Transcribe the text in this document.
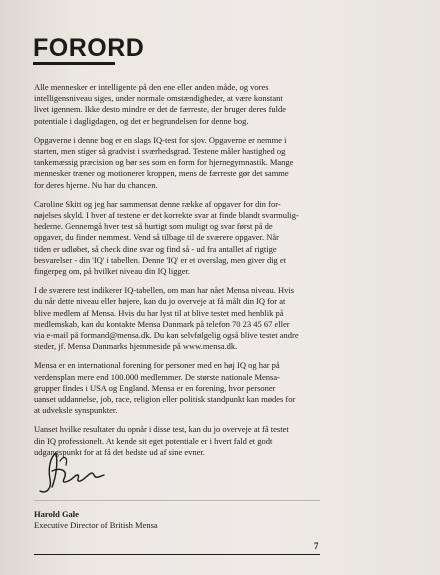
FORORD

Alle mennesker er intelligente på den ene eller anden måde, og vores
intelligensniveau siges, under normale omstændigheder, at være konstant
livet igennem. Ikke desto mindre er det de færreste, der bruger deres fulde
potentiale i dagligdagen, og det er begrundelsen for denne bog.

Opgaverne i denne bog er en slags IQ-test for sjov. Opgaverne er nemme i
starten, men stiger så gradvist i sværhedsgrad. Testene måler hastighed og
tankemæssig præcision og bør ses som en form for hjernegymnastik. Mange
mennesker træner og motionerer kroppen, mens de færreste gør det samme
for deres hjerne. Nu har du chancen.

Caroline Skitt og jeg har sammensat denne række af opgaver for din for-
nøjelses skyld. I hver af testene er det korrekte svar at finde blandt svarmulig-
hederne. Gennemgå hver test så hurtigt som muligt og svar først på de
opgaver, du finder nemmest. Vend så tilbage til de sværere opgaver. Når
tiden er udløbet, så check dine svar og find så - ud fra antallet af rigtige
besvarelser - din 'IQ' i tabellen. Denne 'IQ' er et overslag, men giver dig et
fingerpeg om, på hvilket niveau din IQ ligger.

I de sværere test indikerer IQ-tabellen, om man har nået Mensa niveau. Hvis
du når dette niveau eller højere, kan du jo overveje at få målt din IQ for at
blive medlem af Mensa. Hvis du har lyst til at blive testet med henblik på
medlemskab, kan du kontakte Mensa Danmark på telefon 70 23 45 67 eller
via e-mail på formand@mensa.dk. Du kan selvfølgelig også blive testet andre
steder, jf. Mensa Danmarks hjemmeside på www.mensa.dk.

Mensa er en international forening for personer med en høj IQ og har på
verdensplan mere end 100.000 medlemmer. De største nationale Mensa-
grupper findes i USA og England. Mensa er en forening, hvor personer
uanset uddannelse, job, race, religion eller politisk standpunkt kan mødes for
at udveksle synspunkter.

Uanset hvilke resultater du opnår i disse test, kan du jo overveje at få testet
din IQ professionelt. At kende sit eget potentiale er i hvert fald et godt
udgangspunkt for at få det bedste ud af sine evner.

Harold Gale
Executive Director of British Mensa
7
